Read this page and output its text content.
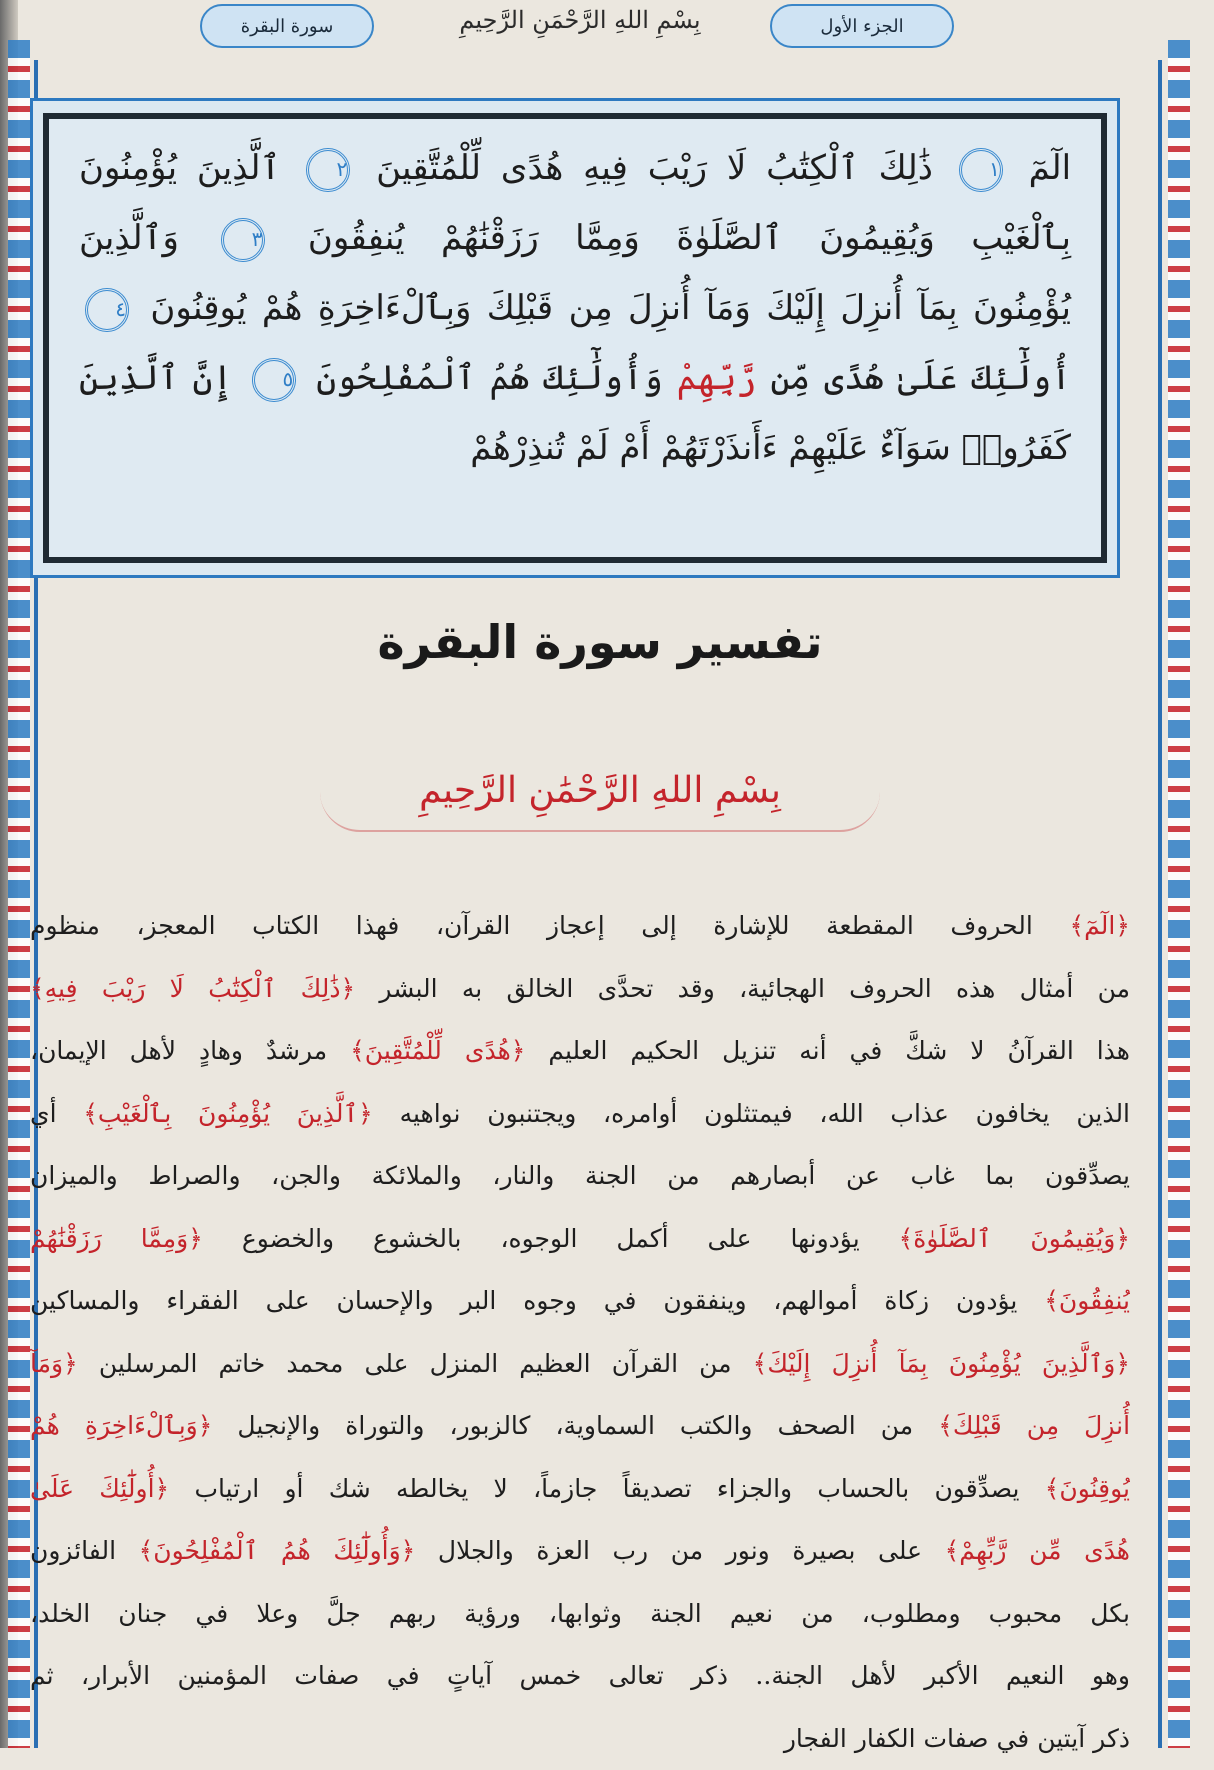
سورة البقرة	بِسْمِ اللهِ الرَّحْمَنِ الرَّحِيمِ	الجزء الأول
الٓمٓ ١ ذَٰلِكَ ٱلْكِتَٰبُ لَا رَيْبَ فِيهِ هُدًى لِّلْمُتَّقِينَ ٢ ٱلَّذِينَ يُؤْمِنُونَ
بِٱلْغَيْبِ وَيُقِيمُونَ ٱلصَّلَوٰةَ وَمِمَّا رَزَقْنَٰهُمْ يُنفِقُونَ ٣ وَٱلَّذِينَ
يُؤْمِنُونَ بِمَآ أُنزِلَ إِلَيْكَ وَمَآ أُنزِلَ مِن قَبْلِكَ وَبِٱلْءَاخِرَةِ هُمْ يُوقِنُونَ ٤
أُولَٰٓئِكَ عَلَىٰ هُدًى مِّن رَّبِّهِمْ وَأُولَٰٓئِكَ هُمُ ٱلْمُفْلِحُونَ ٥ إِنَّ ٱلَّذِينَ
كَفَرُوا۟ سَوَآءٌ عَلَيْهِمْ ءَأَنذَرْتَهُمْ أَمْ لَمْ تُنذِرْهُمْ
تفسير سورة البقرة
بِسْمِ اللهِ الرَّحْمَٰنِ الرَّحِيمِ
﴿الٓمٓ﴾ الحروف المقطعة للإشارة إلى إعجاز القرآن، فهذا الكتاب المعجز، منظوم
من أمثال هذه الحروف الهجائية، وقد تحدَّى الخالق به البشر ﴿ذَٰلِكَ ٱلْكِتَٰبُ لَا رَيْبَ فِيهِ﴾
هذا القرآنُ لا شكَّ في أنه تنزيل الحكيم العليم ﴿هُدًى لِّلْمُتَّقِينَ﴾ مرشدٌ وهادٍ لأهل الإيمان،
الذين يخافون عذاب الله، فيمتثلون أوامره، ويجتنبون نواهيه ﴿ٱلَّذِينَ يُؤْمِنُونَ بِٱلْغَيْبِ﴾ أي
يصدِّقون بما غاب عن أبصارهم من الجنة والنار، والملائكة والجن، والصراط والميزان
﴿وَيُقِيمُونَ ٱلصَّلَوٰةَ﴾ يؤدونها على أكمل الوجوه، بالخشوع والخضوع ﴿وَمِمَّا رَزَقْنَٰهُمْ
يُنفِقُونَ﴾ يؤدون زكاة أموالهم، وينفقون في وجوه البر والإحسان على الفقراء والمساكين
﴿وَٱلَّذِينَ يُؤْمِنُونَ بِمَآ أُنزِلَ إِلَيْكَ﴾ من القرآن العظيم المنزل على محمد خاتم المرسلين ﴿وَمَآ
أُنزِلَ مِن قَبْلِكَ﴾ من الصحف والكتب السماوية، كالزبور، والتوراة والإنجيل ﴿وَبِٱلْءَاخِرَةِ هُمْ
يُوقِنُونَ﴾ يصدِّقون بالحساب والجزاء تصديقاً جازماً، لا يخالطه شك أو ارتياب ﴿أُولَٰٓئِكَ عَلَىٰ
هُدًى مِّن رَّبِّهِمْ﴾ على بصيرة ونور من رب العزة والجلال ﴿وَأُولَٰٓئِكَ هُمُ ٱلْمُفْلِحُونَ﴾ الفائزون
بكل محبوب ومطلوب، من نعيم الجنة وثوابها، ورؤية ربهم جلَّ وعلا في جنان الخلد،
وهو النعيم الأكبر لأهل الجنة.. ذكر تعالى خمس آياتٍ في صفات المؤمنين الأبرار، ثم
ذكر آيتين في صفات الكفار الفجار
